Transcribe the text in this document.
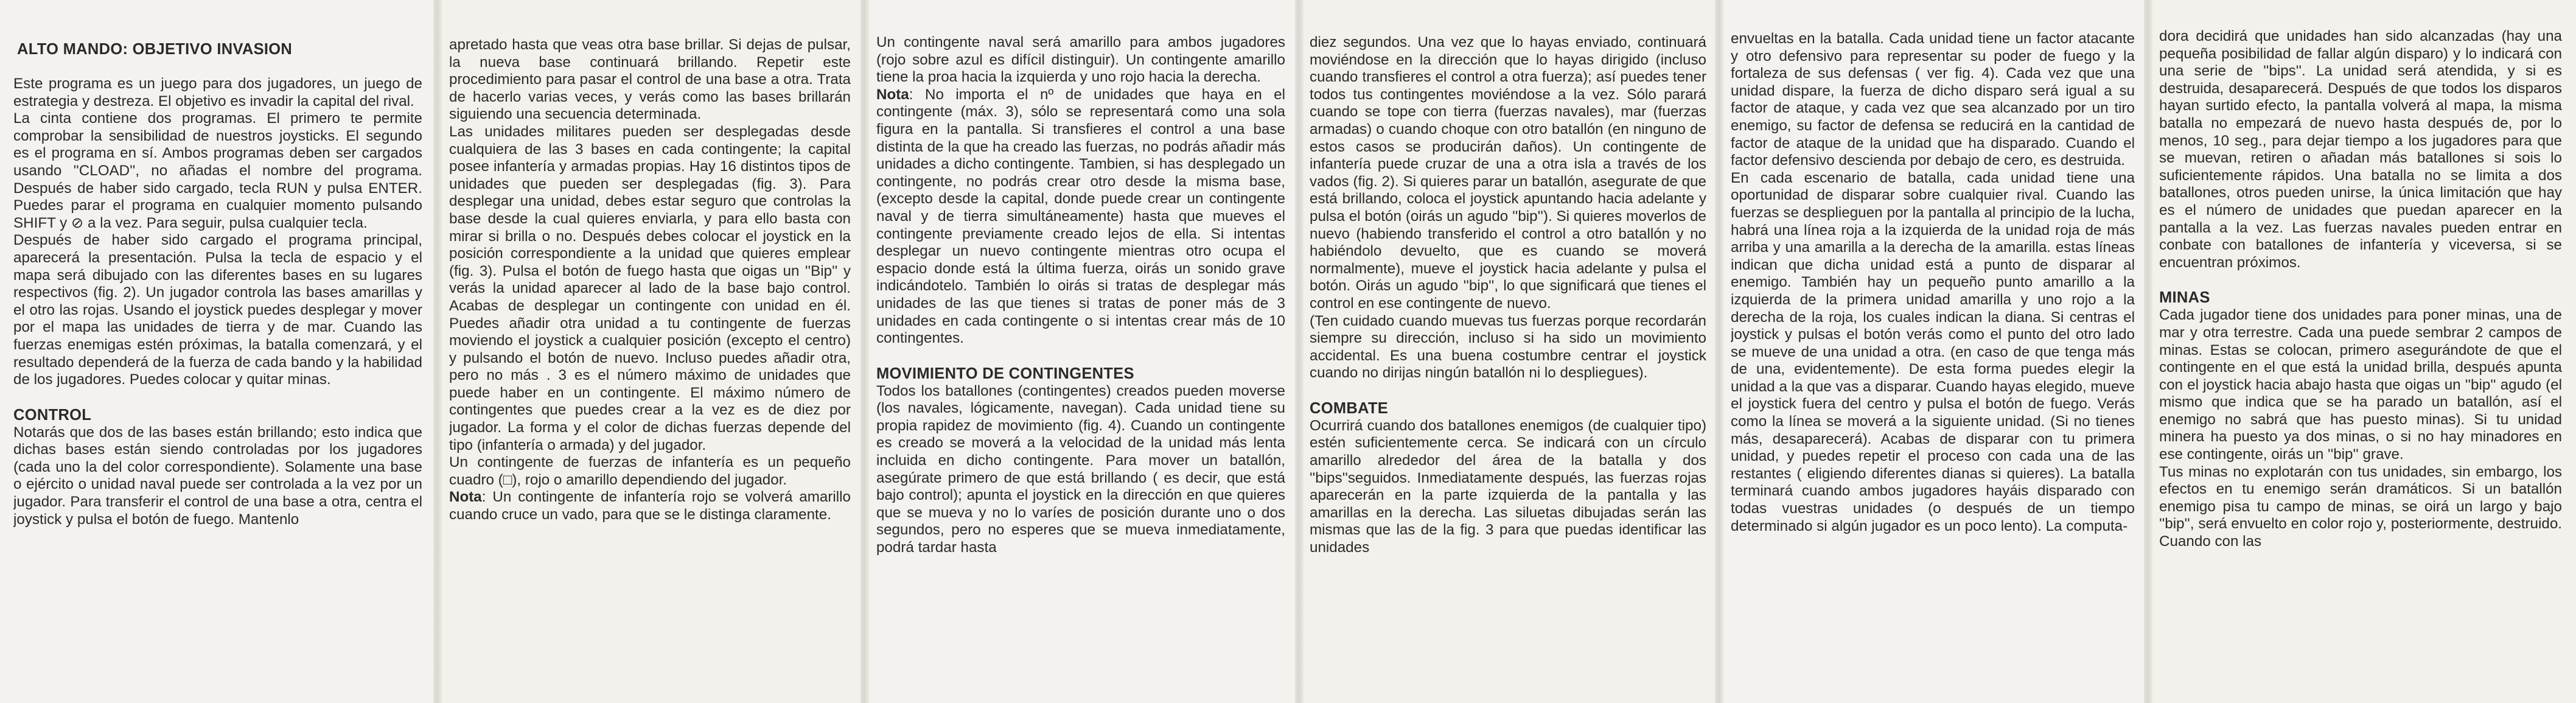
ALTO MANDO: OBJETIVO INVASION

Este programa es un juego para dos jugadores, un juego de estrategia y destreza. El objetivo es invadir la capital del rival.

La cinta contiene dos programas. El primero te permite comprobar la sensibilidad de nuestros joysticks. El segundo es el programa en sí. Ambos programas deben ser cargados usando ''CLOAD'', no añadas el nombre del programa. Después de haber sido cargado, tecla RUN y pulsa ENTER. Puedes parar el programa en cualquier momento pulsando SHIFT y ⊘ a la vez. Para seguir, pulsa cualquier tecla.

Después de haber sido cargado el programa principal, aparecerá la presentación. Pulsa la tecla de espacio y el mapa será dibujado con las diferentes bases en su lugares respectivos (fig. 2). Un jugador controla las bases amarillas y el otro las rojas. Usando el joystick puedes desplegar y mover por el mapa las unidades de tierra y de mar. Cuando las fuerzas enemigas estén próximas, la batalla comenzará, y el resultado dependerá de la fuerza de cada bando y la habilidad de los jugadores. Puedes colocar y quitar minas.

CONTROL

Notarás que dos de las bases están brillando; esto indica que dichas bases están siendo controladas por los jugadores (cada uno la del color correspondiente). Solamente una base o ejército o unidad naval puede ser controlada a la vez por un jugador. Para transferir el control de una base a otra, centra el joystick y pulsa el botón de fuego. Mantenlo

apretado hasta que veas otra base brillar. Si dejas de pulsar, la nueva base continuará brillando. Repetir este procedimiento para pasar el control de una base a otra. Trata de hacerlo varias veces, y verás como las bases brillarán siguiendo una secuencia determinada.

Las unidades militares pueden ser desplegadas desde cualquiera de las 3 bases en cada contingente; la capital posee infantería y armadas propias. Hay 16 distintos tipos de unidades que pueden ser desplegadas (fig. 3). Para desplegar una unidad, debes estar seguro que controlas la base desde la cual quieres enviarla, y para ello basta con mirar si brilla o no. Después debes colocar el joystick en la posición correspondiente a la unidad que quieres emplear (fig. 3). Pulsa el botón de fuego hasta que oigas un ''Bip'' y verás la unidad aparecer al lado de la base bajo control. Acabas de desplegar un contingente con unidad en él. Puedes añadir otra unidad a tu contingente de fuerzas moviendo el joystick a cualquier posición (excepto el centro) y pulsando el botón de nuevo. Incluso puedes añadir otra, pero no más . 3 es el número máximo de unidades que puede haber en un contingente. El máximo número de contingentes que puedes crear a la vez es de diez por jugador. La forma y el color de dichas fuerzas depende del tipo (infantería o armada) y del jugador.

Un contingente de fuerzas de infantería es un pequeño cuadro (□), rojo o amarillo dependiendo del jugador.

Nota: Un contingente de infantería rojo se volverá amarillo cuando cruce un vado, para que se le distinga claramente.

Un contingente naval será amarillo para ambos jugadores (rojo sobre azul es difícil distinguir). Un contingente amarillo tiene la proa hacia la izquierda y uno rojo hacia la derecha.

Nota: No importa el nº de unidades que haya en el contingente (máx. 3), sólo se representará como una sola figura en la pantalla. Si transfieres el control a una base distinta de la que ha creado las fuerzas, no podrás añadir más unidades a dicho contingente. Tambien, si has desplegado un contingente, no podrás crear otro desde la misma base, (excepto desde la capital, donde puede crear un contingente naval y de tierra simultáneamente) hasta que mueves el contingente previamente creado lejos de ella. Si intentas desplegar un nuevo contingente mientras otro ocupa el espacio donde está la última fuerza, oirás un sonido grave indicándotelo. También lo oirás si tratas de desplegar más unidades de las que tienes si tratas de poner más de 3 unidades en cada contingente o si intentas crear más de 10 contingentes.

MOVIMIENTO DE CONTINGENTES

Todos los batallones (contingentes) creados pueden moverse (los navales, lógicamente, navegan). Cada unidad tiene su propia rapidez de movimiento (fig. 4). Cuando un contingente es creado se moverá a la velocidad de la unidad más lenta incluida en dicho contingente. Para mover un batallón, asegúrate primero de que está brillando ( es decir, que está bajo control); apunta el joystick en la dirección en que quieres que se mueva y no lo varíes de posición durante uno o dos segundos, pero no esperes que se mueva inmediatamente, podrá tardar hasta

diez segundos. Una vez que lo hayas enviado, continuará moviéndose en la dirección que lo hayas dirigido (incluso cuando transfieres el control a otra fuerza); así puedes tener todos tus contingentes moviéndose a la vez. Sólo parará cuando se tope con tierra (fuerzas navales), mar (fuerzas armadas) o cuando choque con otro batallón (en ninguno de estos casos se producirán daños). Un contingente de infantería puede cruzar de una a otra isla a través de los vados (fig. 2). Si quieres parar un batallón, asegurate de que está brillando, coloca el joystick apuntando hacia adelante y pulsa el botón (oirás un agudo ''bip''). Si quieres moverlos de nuevo (habiendo transferido el control a otro batallón y no habiéndolo devuelto, que es cuando se moverá normalmente), mueve el joystick hacia adelante y pulsa el botón. Oirás un agudo ''bip'', lo que significará que tienes el control en ese contingente de nuevo.

(Ten cuidado cuando muevas tus fuerzas porque recordarán siempre su dirección, incluso si ha sido un movimiento accidental. Es una buena costumbre centrar el joystick cuando no dirijas ningún batallón ni lo despliegues).

COMBATE

Ocurrirá cuando dos batallones enemigos (de cualquier tipo) estén suficientemente cerca. Se indicará con un círculo amarillo alrededor del área de la batalla y dos ''bips''seguidos. Inmediatamente después, las fuerzas rojas aparecerán en la parte izquierda de la pantalla y las amarillas en la derecha. Las siluetas dibujadas serán las mismas que las de la fig. 3 para que puedas identificar las unidades

envueltas en la batalla. Cada unidad tiene un factor atacante y otro defensivo para representar su poder de fuego y la fortaleza de sus defensas ( ver fig. 4). Cada vez que una unidad dispare, la fuerza de dicho disparo será igual a su factor de ataque, y cada vez que sea alcanzado por un tiro enemigo, su factor de defensa se reducirá en la cantidad de factor de ataque de la unidad que ha disparado. Cuando el factor defensivo descienda por debajo de cero, es destruida.

En cada escenario de batalla, cada unidad tiene una oportunidad de disparar sobre cualquier rival. Cuando las fuerzas se desplieguen por la pantalla al principio de la lucha, habrá una línea roja a la izquierda de la unidad roja de más arriba y una amarilla a la derecha de la amarilla. estas líneas indican que dicha unidad está a punto de disparar al enemigo. También hay un pequeño punto amarillo a la izquierda de la primera unidad amarilla y uno rojo a la derecha de la roja, los cuales indican la diana. Si centras el joystick y pulsas el botón verás como el punto del otro lado se mueve de una unidad a otra. (en caso de que tenga más de una, evidentemente). De esta forma puedes elegir la unidad a la que vas a disparar. Cuando hayas elegido, mueve el joystick fuera del centro y pulsa el botón de fuego. Verás como la línea se moverá a la siguiente unidad. (Si no tienes más, desaparecerá). Acabas de disparar con tu primera unidad, y puedes repetir el proceso con cada una de las restantes ( eligiendo diferentes dianas si quieres). La batalla terminará cuando ambos jugadores hayáis disparado con todas vuestras unidades (o después de un tiempo determinado si algún jugador es un poco lento). La computa-

dora decidirá que unidades han sido alcanzadas (hay una pequeña posibilidad de fallar algún disparo) y lo indicará con una serie de ''bips''. La unidad será atendida, y si es destruida, desaparecerá. Después de que todos los disparos hayan surtido efecto, la pantalla volverá al mapa, la misma batalla no empezará de nuevo hasta después de, por lo menos, 10 seg., para dejar tiempo a los jugadores para que se muevan, retiren o añadan más batallones si sois lo suficientemente rápidos. Una batalla no se limita a dos batallones, otros pueden unirse, la única limitación que hay es el número de unidades que puedan aparecer en la pantalla a la vez. Las fuerzas navales pueden entrar en conbate con batallones de infantería y viceversa, si se encuentran próximos.

MINAS

Cada jugador tiene dos unidades para poner minas, una de mar y otra terrestre. Cada una puede sembrar 2 campos de minas. Estas se colocan, primero asegurándote de que el contingente en el que está la unidad brilla, después apunta con el joystick hacia abajo hasta que oigas un ''bip'' agudo (el mismo que indica que se ha parado un batallón, así el enemigo no sabrá que has puesto minas). Si tu unidad minera ha puesto ya dos minas, o si no hay minadores en ese contingente, oirás un ''bip'' grave.

Tus minas no explotarán con tus unidades, sin embargo, los efectos en tu enemigo serán dramáticos. Si un batallón enemigo pisa tu campo de minas, se oirá un largo y bajo ''bip'', será envuelto en color rojo y, posteriormente, destruido. Cuando con las
